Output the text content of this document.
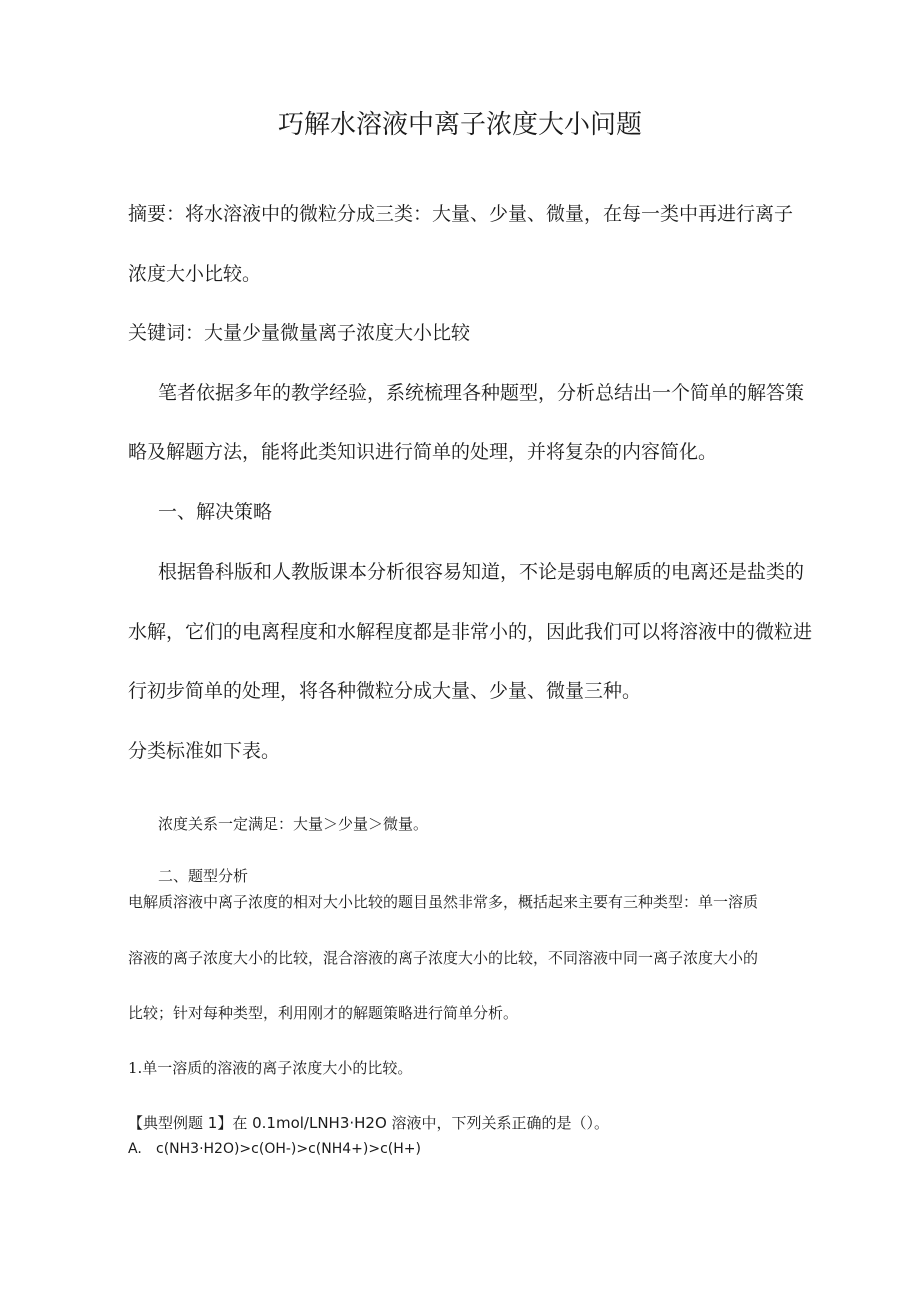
巧解水溶液中离子浓度大小问题
摘要：将水溶液中的微粒分成三类：大量、少量、微量，在每一类中再进行离子
浓度大小比较。
关键词：大量少量微量离子浓度大小比较
笔者依据多年的教学经验，系统梳理各种题型，分析总结出一个简单的解答策
略及解题方法，能将此类知识进行简单的处理，并将复杂的内容简化。
一、解决策略
根据鲁科版和人教版课本分析很容易知道，不论是弱电解质的电离还是盐类的
水解，它们的电离程度和水解程度都是非常小的，因此我们可以将溶液中的微粒进
行初步简单的处理，将各种微粒分成大量、少量、微量三种。
分类标准如下表。
浓度关系一定满足：大量＞少量＞微量。
二、题型分析
电解质溶液中离子浓度的相对大小比较的题目虽然非常多，概括起来主要有三种类型：单一溶质
溶液的离子浓度大小的比较，混合溶液的离子浓度大小的比较，不同溶液中同一离子浓度大小的
比较；针对每种类型，利用刚才的解题策略进行简单分析。
1.单一溶质的溶液的离子浓度大小的比较。
【典型例题 1】在 0.1mol/LNH3·H2O 溶液中，下列关系正确的是（）。
A. c(NH3·H2O)>c(OH-)>c(NH4+)>c(H+)
